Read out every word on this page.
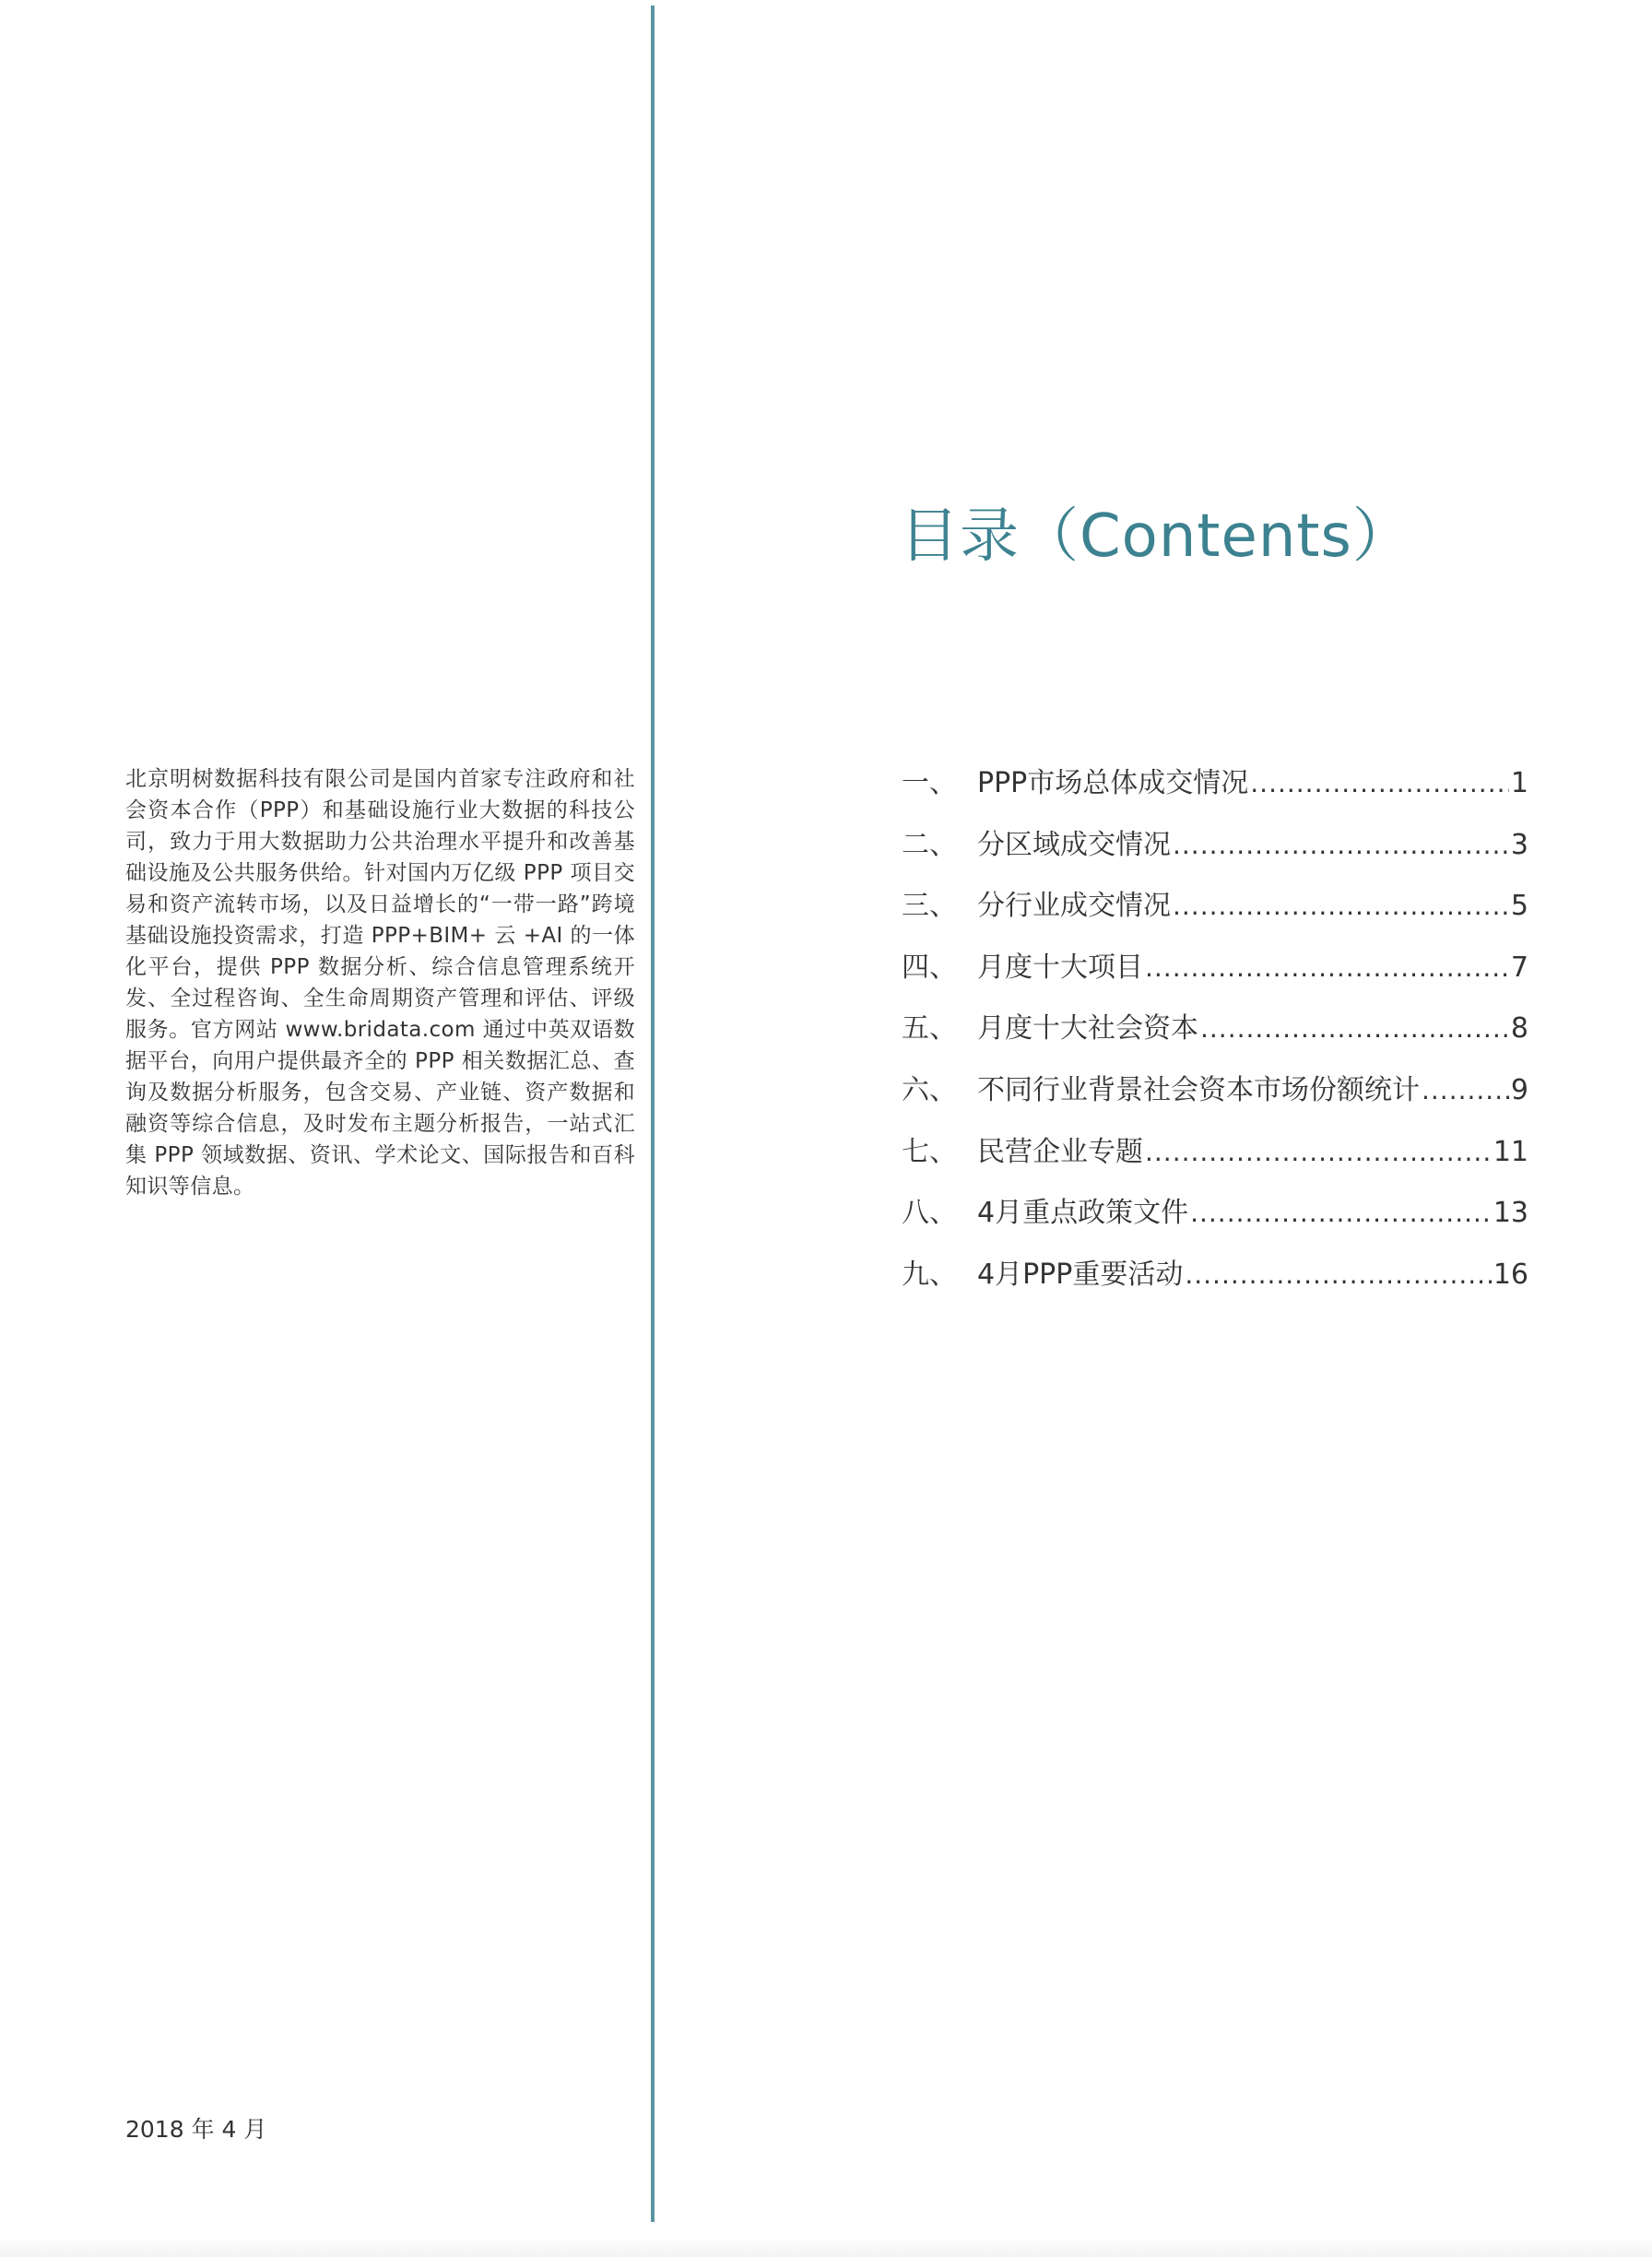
北京明树数据科技有限公司是国内首家专注政府和社会资本合作（PPP）和基础设施行业大数据的科技公司，致力于用大数据助力公共治理水平提升和改善基础设施及公共服务供给。针对国内万亿级 PPP 项目交易和资产流转市场，以及日益增长的“一带一路”跨境基础设施投资需求，打造 PPP+BIM+ 云 +AI 的一体化平台，提供 PPP 数据分析、综合信息管理系统开发、全过程咨询、全生命周期资产管理和评估、评级服务。官方网站 www.bridata.com 通过中英双语数据平台，向用户提供最齐全的 PPP 相关数据汇总、查询及数据分析服务，包含交易、产业链、资产数据和融资等综合信息，及时发布主题分析报告，一站式汇集 PPP 领域数据、资讯、学术论文、国际报告和百科知识等信息。
2018 年 4 月
目录（Contents）
一、 PPP市场总体成交情况 .....	1
二、 分区域成交情况 .....	3
三、 分行业成交情况 .....	5
四、 月度十大项目 .....	7
五、 月度十大社会资本 .....	8
六、 不同行业背景社会资本市场份额统计 .....	9
七、 民营企业专题 .....	11
八、 4月重点政策文件 .....	13
九、 4月PPP重要活动 .....	16
